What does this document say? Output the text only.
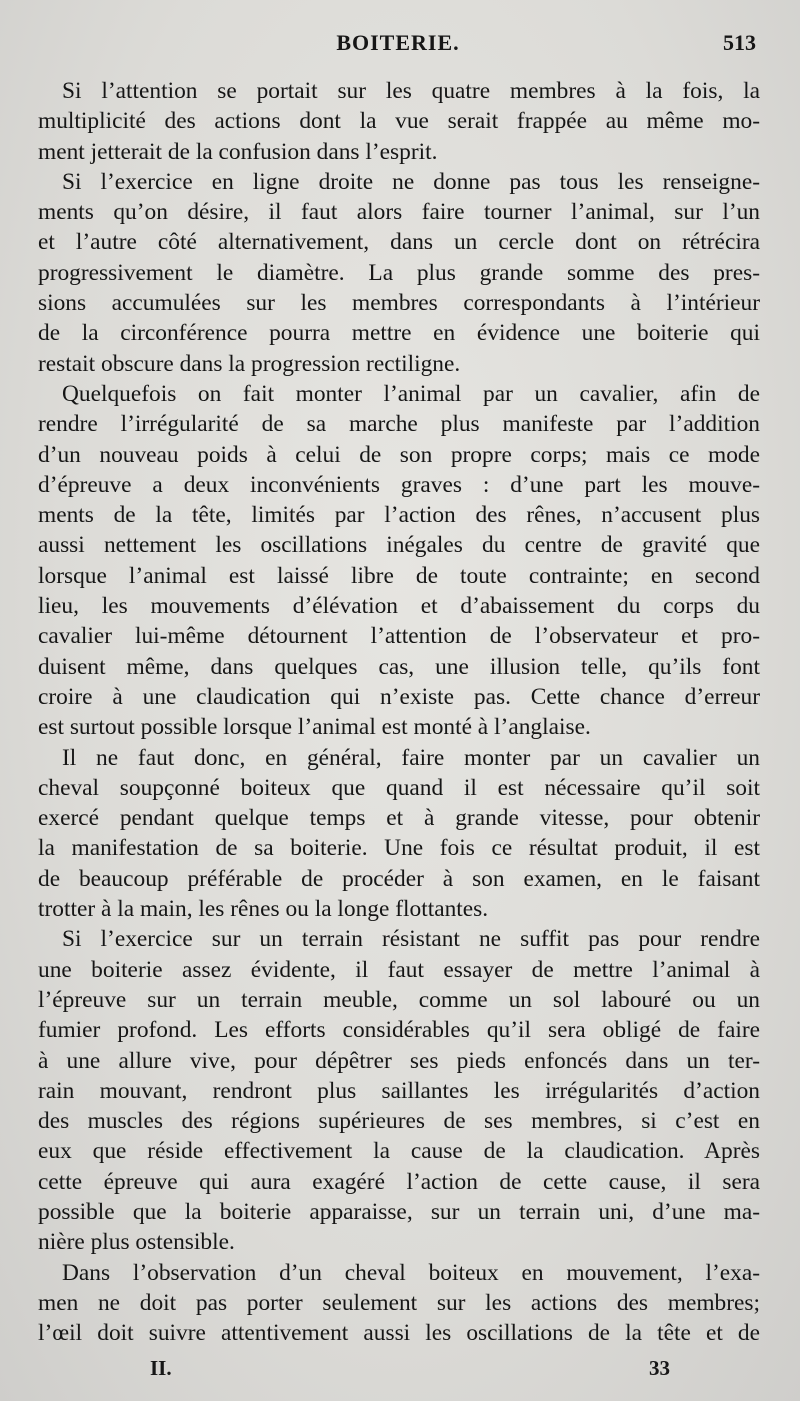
BOITERIE.	513
Si l’attention se portait sur les quatre membres à la fois, la
multiplicité des actions dont la vue serait frappée au même mo-
ment jetterait de la confusion dans l’esprit.
Si l’exercice en ligne droite ne donne pas tous les renseigne-
ments qu’on désire, il faut alors faire tourner l’animal, sur l’un
et l’autre côté alternativement, dans un cercle dont on rétrécira
progressivement le diamètre. La plus grande somme des pres-
sions accumulées sur les membres correspondants à l’intérieur
de la circonférence pourra mettre en évidence une boiterie qui
restait obscure dans la progression rectiligne.
Quelquefois on fait monter l’animal par un cavalier, afin de
rendre l’irrégularité de sa marche plus manifeste par l’addition
d’un nouveau poids à celui de son propre corps; mais ce mode
d’épreuve a deux inconvénients graves : d’une part les mouve-
ments de la tête, limités par l’action des rênes, n’accusent plus
aussi nettement les oscillations inégales du centre de gravité que
lorsque l’animal est laissé libre de toute contrainte; en second
lieu, les mouvements d’élévation et d’abaissement du corps du
cavalier lui-même détournent l’attention de l’observateur et pro-
duisent même, dans quelques cas, une illusion telle, qu’ils font
croire à une claudication qui n’existe pas. Cette chance d’erreur
est surtout possible lorsque l’animal est monté à l’anglaise.
Il ne faut donc, en général, faire monter par un cavalier un
cheval soupçonné boiteux que quand il est nécessaire qu’il soit
exercé pendant quelque temps et à grande vitesse, pour obtenir
la manifestation de sa boiterie. Une fois ce résultat produit, il est
de beaucoup préférable de procéder à son examen, en le faisant
trotter à la main, les rênes ou la longe flottantes.
Si l’exercice sur un terrain résistant ne suffit pas pour rendre
une boiterie assez évidente, il faut essayer de mettre l’animal à
l’épreuve sur un terrain meuble, comme un sol labouré ou un
fumier profond. Les efforts considérables qu’il sera obligé de faire
à une allure vive, pour dépêtrer ses pieds enfoncés dans un ter-
rain mouvant, rendront plus saillantes les irrégularités d’action
des muscles des régions supérieures de ses membres, si c’est en
eux que réside effectivement la cause de la claudication. Après
cette épreuve qui aura exagéré l’action de cette cause, il sera
possible que la boiterie apparaisse, sur un terrain uni, d’une ma-
nière plus ostensible.
Dans l’observation d’un cheval boiteux en mouvement, l’exa-
men ne doit pas porter seulement sur les actions des membres;
l’œil doit suivre attentivement aussi les oscillations de la tête et de
II.	33
